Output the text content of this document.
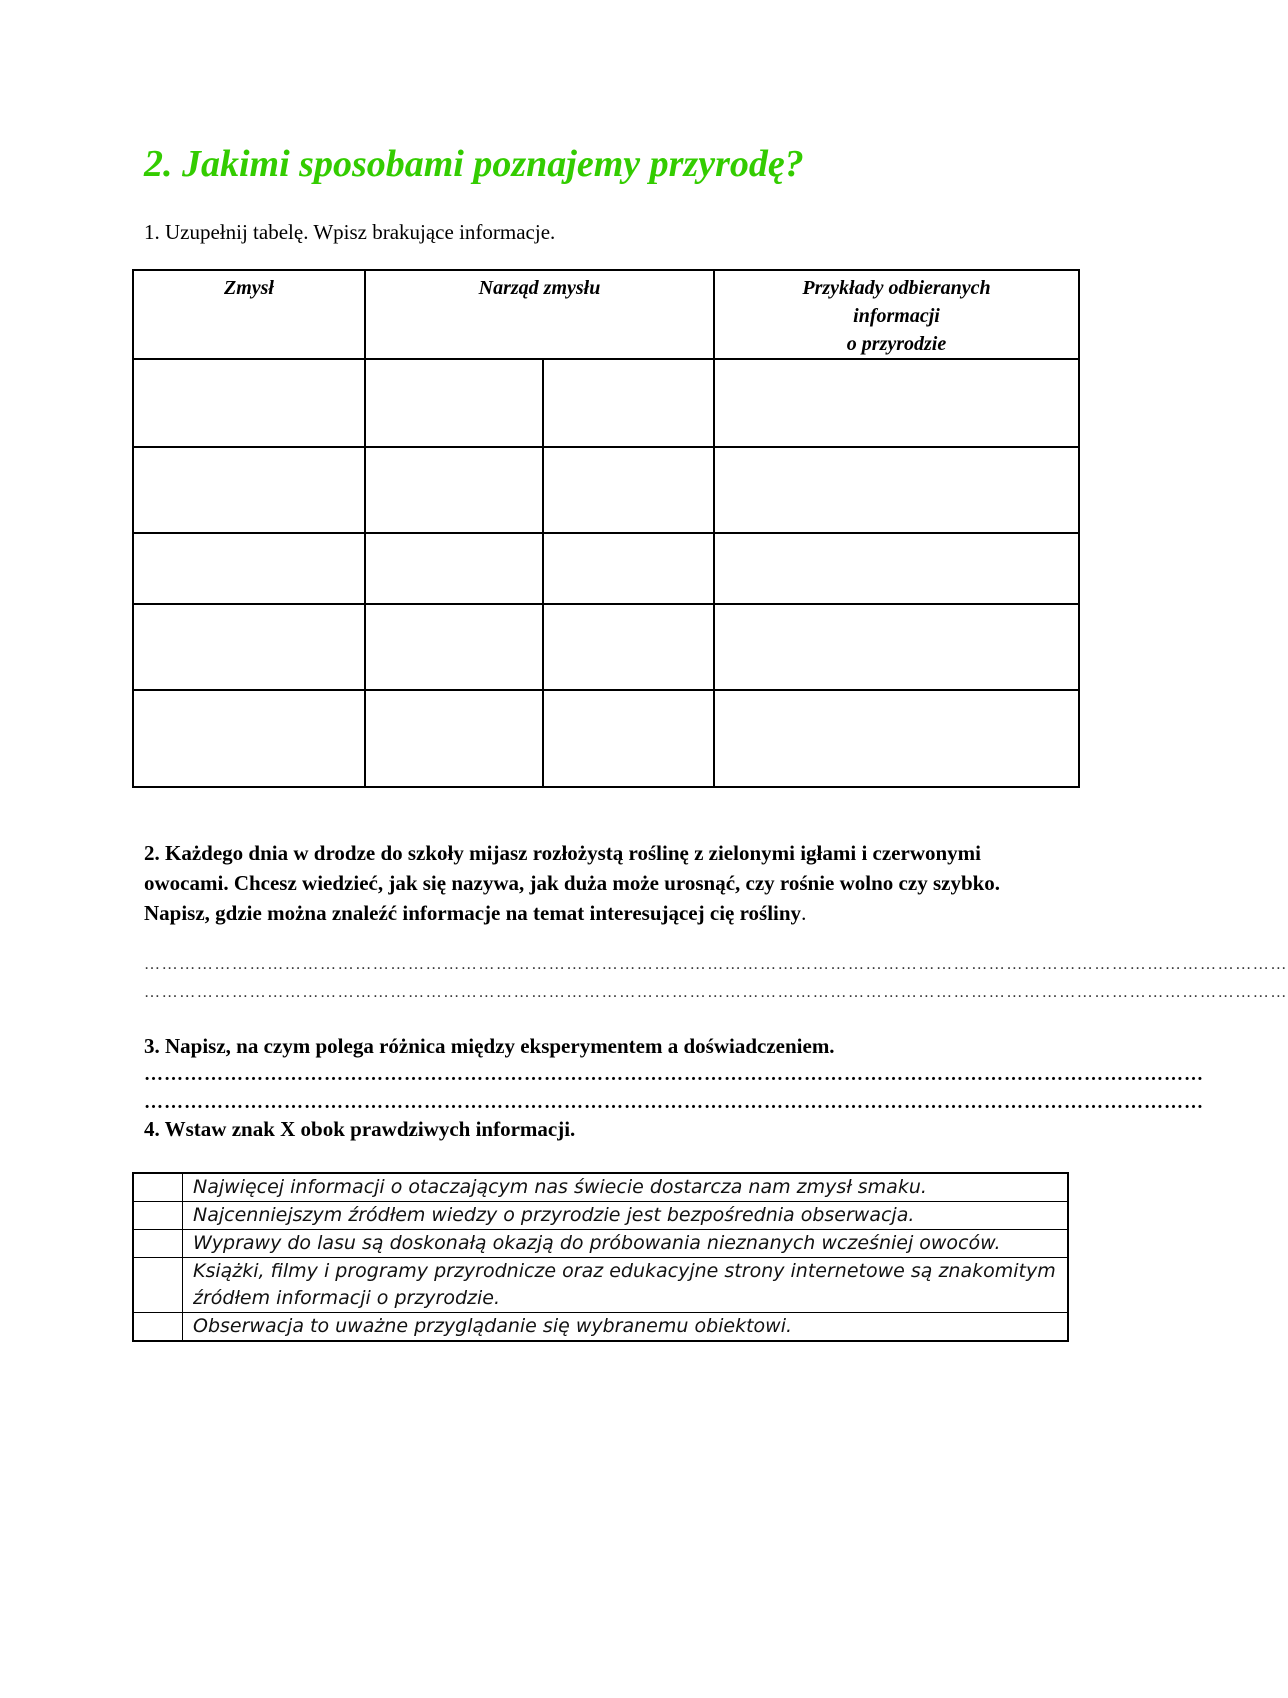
2. Jakimi sposobami poznajemy przyrodę?
1. Uzupełnij tabelę. Wpisz brakujące informacje.
Zmysł	Narząd zmysłu		Przykłady odbieranych
informacji
o przyrodzie

2. Każdego dnia w drodze do szkoły mijasz rozłożystą roślinę z zielonymi igłami i czerwonymi owocami. Chcesz wiedzieć, jak się nazywa, jak duża może urosnąć, czy rośnie wolno czy szybko. Napisz, gdzie można znaleźć informacje na temat interesującej cię rośliny.
……………………………………………………………………………………………………………………………………………………………………………
……………………………………………………………………………………………………………………………………………………………………………
3. Napisz, na czym polega różnica między eksperymentem a doświadczeniem.
……………………………………………………………………………………………………………………………………………
……………………………………………………………………………………………………………………………………………
4. Wstaw znak X obok prawdziwych informacji.
	Najwięcej informacji o otaczającym nas świecie dostarcza nam zmysł smaku.
	Najcenniejszym źródłem wiedzy o przyrodzie jest bezpośrednia obserwacja.
	Wyprawy do lasu są doskonałą okazją do próbowania nieznanych wcześniej owoców.
	Książki, filmy i programy przyrodnicze oraz edukacyjne strony internetowe są znakomitym źródłem informacji o przyrodzie.
	Obserwacja to uważne przyglądanie się wybranemu obiektowi.
